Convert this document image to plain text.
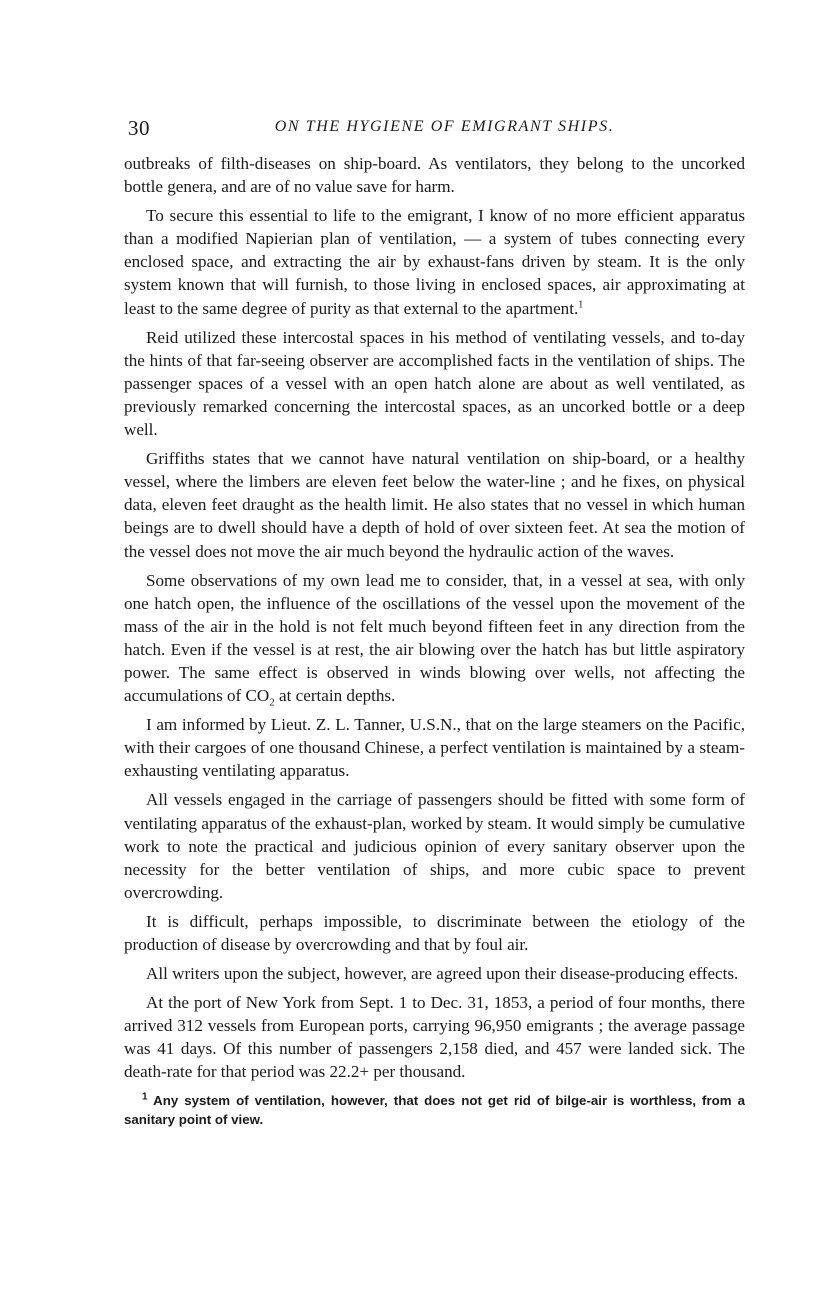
30	ON THE HYGIENE OF EMIGRANT SHIPS.

outbreaks of filth-diseases on ship-board. As ventilators, they belong to the uncorked bottle genera, and are of no value save for harm.

To secure this essential to life to the emigrant, I know of no more efficient apparatus than a modified Napierian plan of ventilation, — a system of tubes connecting every enclosed space, and extracting the air by exhaust-fans driven by steam. It is the only system known that will furnish, to those living in enclosed spaces, air approximating at least to the same degree of purity as that external to the apartment.$^1$

Reid utilized these intercostal spaces in his method of ventilating vessels, and to-day the hints of that far-seeing observer are accomplished facts in the ventilation of ships. The passenger spaces of a vessel with an open hatch alone are about as well ventilated, as previously remarked concerning the intercostal spaces, as an uncorked bottle or a deep well.

Griffiths states that we cannot have natural ventilation on ship-board, or a healthy vessel, where the limbers are eleven feet below the water-line ; and he fixes, on physical data, eleven feet draught as the health limit. He also states that no vessel in which human beings are to dwell should have a depth of hold of over sixteen feet. At sea the motion of the vessel does not move the air much beyond the hydraulic action of the waves.

Some observations of my own lead me to consider, that, in a vessel at sea, with only one hatch open, the influence of the oscillations of the vessel upon the movement of the mass of the air in the hold is not felt much beyond fifteen feet in any direction from the hatch. Even if the vessel is at rest, the air blowing over the hatch has but little aspiratory power. The same effect is observed in winds blowing over wells, not affecting the accumulations of $CO_2$ at certain depths.

I am informed by Lieut. Z. L. Tanner, U.S.N., that on the large steamers on the Pacific, with their cargoes of one thousand Chinese, a perfect ventilation is maintained by a steam-exhausting ventilating apparatus.

All vessels engaged in the carriage of passengers should be fitted with some form of ventilating apparatus of the exhaust-plan, worked by steam. It would simply be cumulative work to note the practical and judicious opinion of every sanitary observer upon the necessity for the better ventilation of ships, and more cubic space to prevent overcrowding.

It is difficult, perhaps impossible, to discriminate between the etiology of the production of disease by overcrowding and that by foul air.

All writers upon the subject, however, are agreed upon their disease-producing effects.

At the port of New York from Sept. 1 to Dec. 31, 1853, a period of four months, there arrived 312 vessels from European ports, carrying 96,950 emigrants ; the average passage was 41 days. Of this number of passengers 2,158 died, and 457 were landed sick. The death-rate for that period was 22.2+ per thousand.

$^1$ Any system of ventilation, however, that does not get rid of bilge-air is worthless, from a sanitary point of view.
